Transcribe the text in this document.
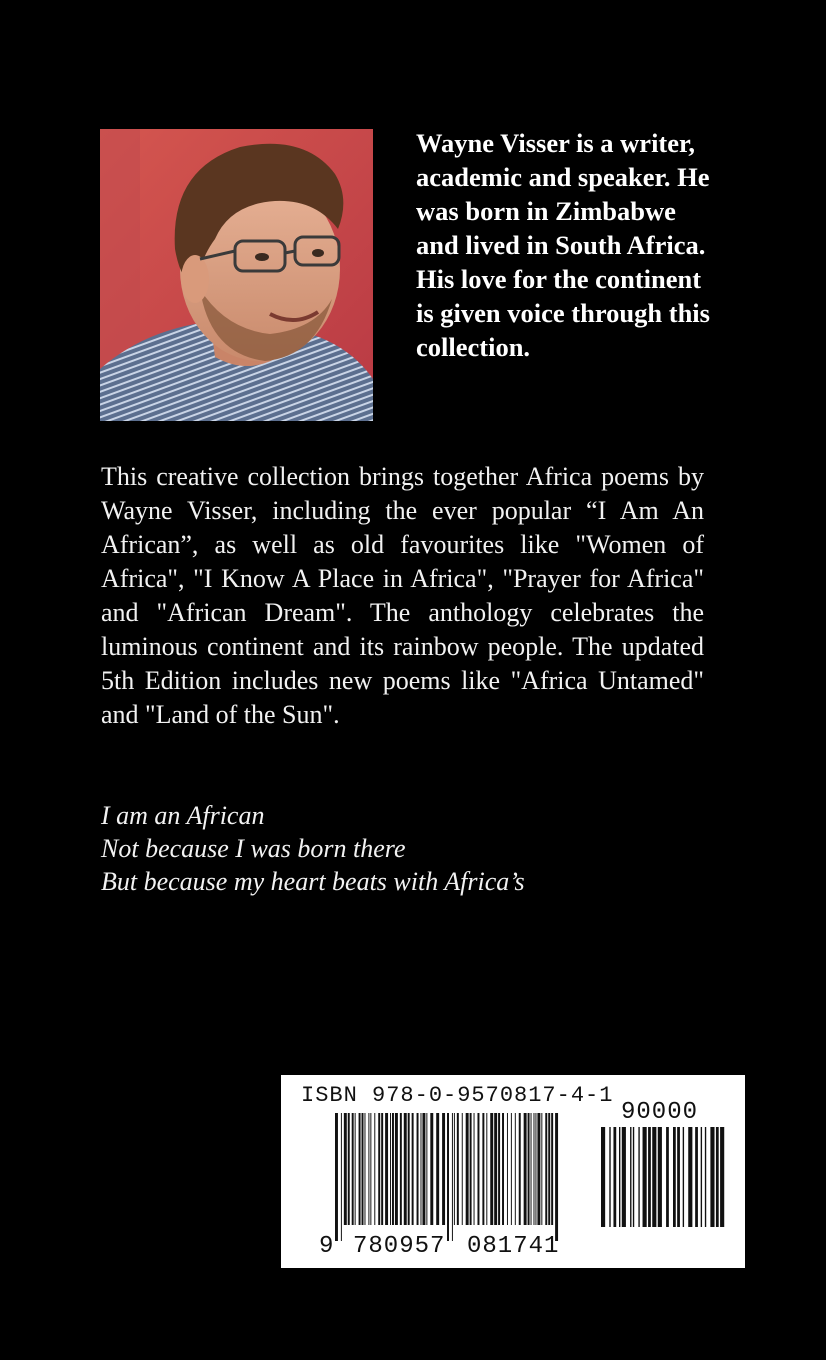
Wayne Visser is a writer, academic and speaker. He was born in Zimbabwe and lived in South Africa. His love for the continent is given voice through this collection.

This creative collection brings together Africa poems by Wayne Visser, including the ever popular “I Am An African”, as well as old favourites like "Women of Africa", "I Know A Place in Africa", "Prayer for Africa" and "African Dream". The anthology celebrates the luminous continent and its rainbow people. The updated 5th Edition includes new poems like "Africa Untamed" and "Land of the Sun".

I am an African
Not because I was born there
But because my heart beats with Africa’s
ISBN 978-0-9570817-4-1
90000
9 780957 081741
